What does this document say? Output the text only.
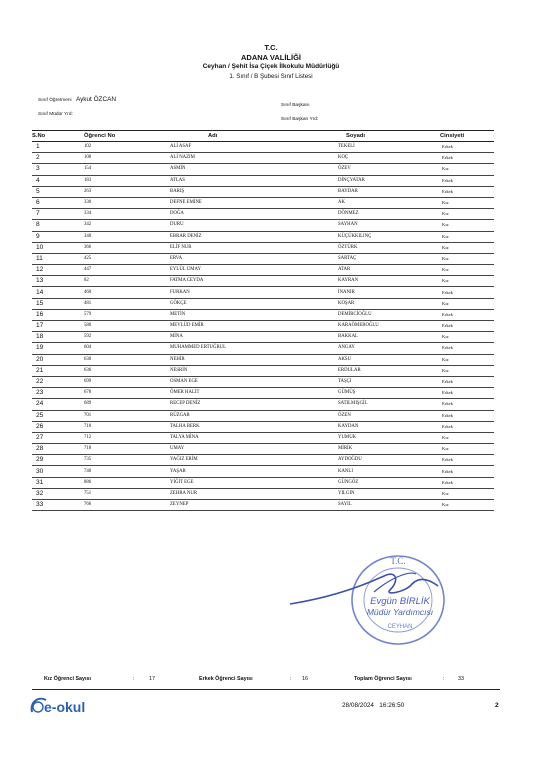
T.C.
ADANA VALİLİĞİ
Ceyhan / Şehit İsa Çiçek İlkokulu Müdürlüğü
1. Sınıf / B Şubesi Sınıf Listesi
Sınıf Öğretmeni Aykut ÖZCAN
Sınıf Müdür Yrd:
Sınıf Başkanı
Sınıf Başkan Yrd:
S.No	Öğrenci No	Adı	Soyadı	Cinsiyeti
1	102	ALİ ASAF	TEKELİ	Erkek
2	108	ALİ NAZIM	KOÇ	Erkek
3	154	ASMİN	ÖZEV	Kız
4	183	ATLAS	DİNÇYATAR	Erkek
5	263	BARIŞ	BAYDAR	Erkek
6	330	DEFNE EMİNE	AK	Kız
7	334	DOĞA	DÖNMEZ	Kız
8	342	DURU	SAYHAN	Kız
9	348	EBRAR DENİZ	KÜÇÜKKILINÇ	Kız
10	366	ELİF NUR	ÖZTÜRK	Kız
11	425	ERVA	SARTAÇ	Kız
12	447	EYLÜL UMAY	ATAR	Kız
13	82	FATMA CEYDA	KAYRAN	Kız
14	460	FURKAN	İNANIR	Erkek
15	481	GÖKÇE	KOŞAR	Kız
16	579	METİN	DEMİRCİOĞLU	Erkek
17	580	MEVLÜD EMİR	KARAÖMEROĞLU	Erkek
18	592	MİNA	BAKKAL	Kız
19	604	MUHAMMED ERTUĞRUL	ANGAY	Erkek
20	630	NEHİR	AKSU	Kız
21	636	NESRİN	ERDULAR	Kız
22	699	OSMAN EGE	TAŞÇI	Erkek
23	678	ÖMER HALİT	GÜMÜŞ	Erkek
24	689	RECEP DENİZ	SATILMIŞGİL	Erkek
25	701	RÜZGAR	ÖZEN	Erkek
26	710	TALHA BERK	KAYDAN	Erkek
27	712	TALYA MİNA	YUMUK	Kız
28	718	UMAY	MİRİK	Kız
29	735	YAĞIZ ERİM	AYDOĞDU	Erkek
30	740	YAŞAR	KANLI	Erkek
31	886	YİĞİT EGE	GÜNGÖZ	Erkek
32	751	ZEHRA NUR	YILGIN	Kız
33	766	ZEYNEP	SAYIL	Kız
T.C.
Evgün BİRLİK
Müdür Yardımcısı
CEYHAN
Kız Öğrenci Sayısı	:	17	Erkek Öğrenci Sayısı	: 16	Toplam Öğrenci Sayısı	:	33
e-okul	28/08/2024   16:26:50	2
